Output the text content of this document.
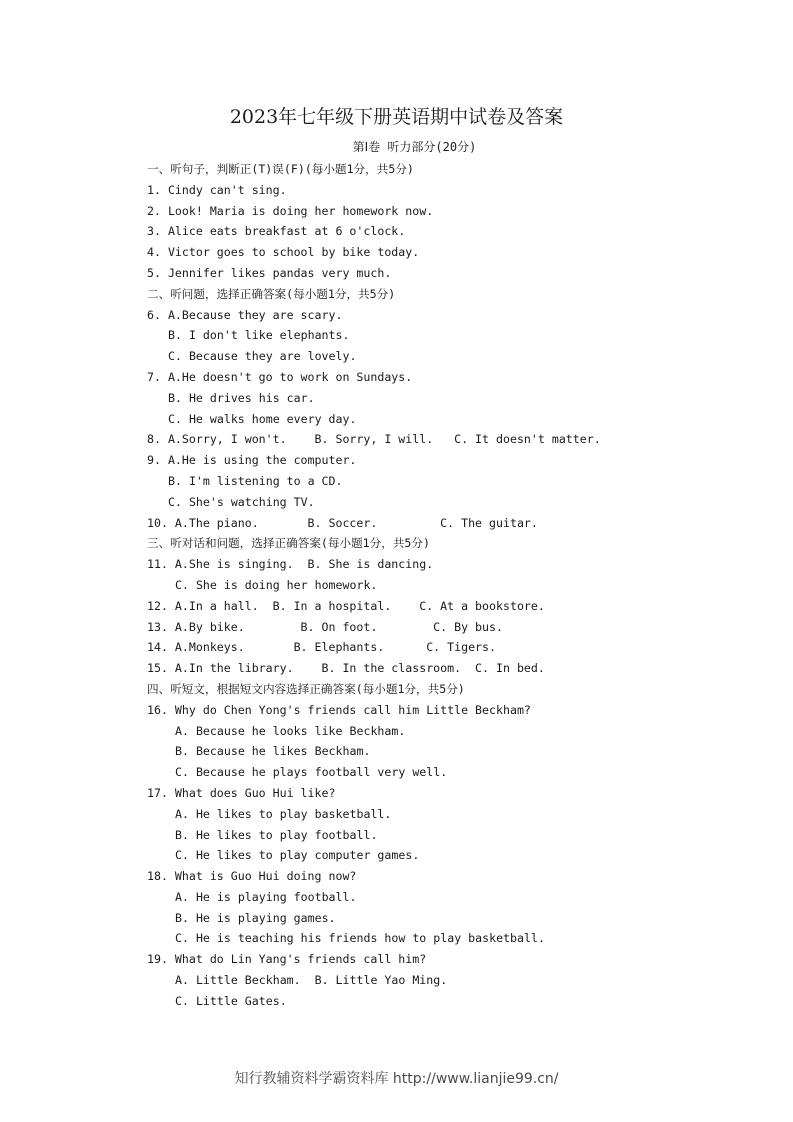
2023年七年级下册英语期中试卷及答案
第Ⅰ卷 听力部分(20分)
一、听句子，判断正(T)误(F)(每小题1分，共5分)
1. Cindy can't sing.
2. Look! Maria is doing her homework now.
3. Alice eats breakfast at 6 o'clock.
4. Victor goes to school by bike today.
5. Jennifer likes pandas very much.
二、听问题，选择正确答案(每小题1分，共5分)
6. A.Because they are scary.
B. I don't like elephants.
C. Because they are lovely.
7. A.He doesn't go to work on Sundays.
B. He drives his car.
C. He walks home every day.
8. A.Sorry, I won't.    B. Sorry, I will.   C. It doesn't matter.
9. A.He is using the computer.
B. I'm listening to a CD.
C. She's watching TV.
10. A.The piano.       B. Soccer.         C. The guitar.
三、听对话和问题，选择正确答案(每小题1分，共5分)
11. A.She is singing.  B. She is dancing.
C. She is doing her homework.
12. A.In a hall.  B. In a hospital.    C. At a bookstore.
13. A.By bike.        B. On foot.        C. By bus.
14. A.Monkeys.       B. Elephants.      C. Tigers.
15. A.In the library.    B. In the classroom.  C. In bed.
四、听短文，根据短文内容选择正确答案(每小题1分，共5分)
16. Why do Chen Yong's friends call him Little Beckham?
A. Because he looks like Beckham.
B. Because he likes Beckham.
C. Because he plays football very well.
17. What does Guo Hui like?
A. He likes to play basketball.
B. He likes to play football.
C. He likes to play computer games.
18. What is Guo Hui doing now?
A. He is playing football.
B. He is playing games.
C. He is teaching his friends how to play basketball.
19. What do Lin Yang's friends call him?
A. Little Beckham.  B. Little Yao Ming.
C. Little Gates.
知行教辅资料学霸资料库 http://www.lianjie99.cn/
